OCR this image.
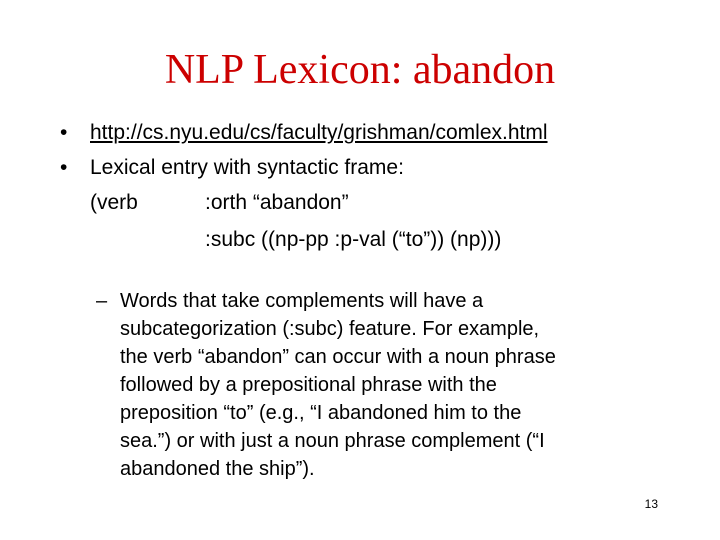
NLP Lexicon: abandon
• http://cs.nyu.edu/cs/faculty/grishman/comlex.html
• Lexical entry with syntactic frame:
(verb	:orth “abandon”
:subc ((np-pp :p-val (“to”)) (np)))
– Words that take complements will have a
subcategorization (:subc) feature. For example,
the verb “abandon” can occur with a noun phrase
followed by a prepositional phrase with the
preposition “to” (e.g., “I abandoned him to the
sea.”) or with just a noun phrase complement (“I
abandoned the ship”).
13
